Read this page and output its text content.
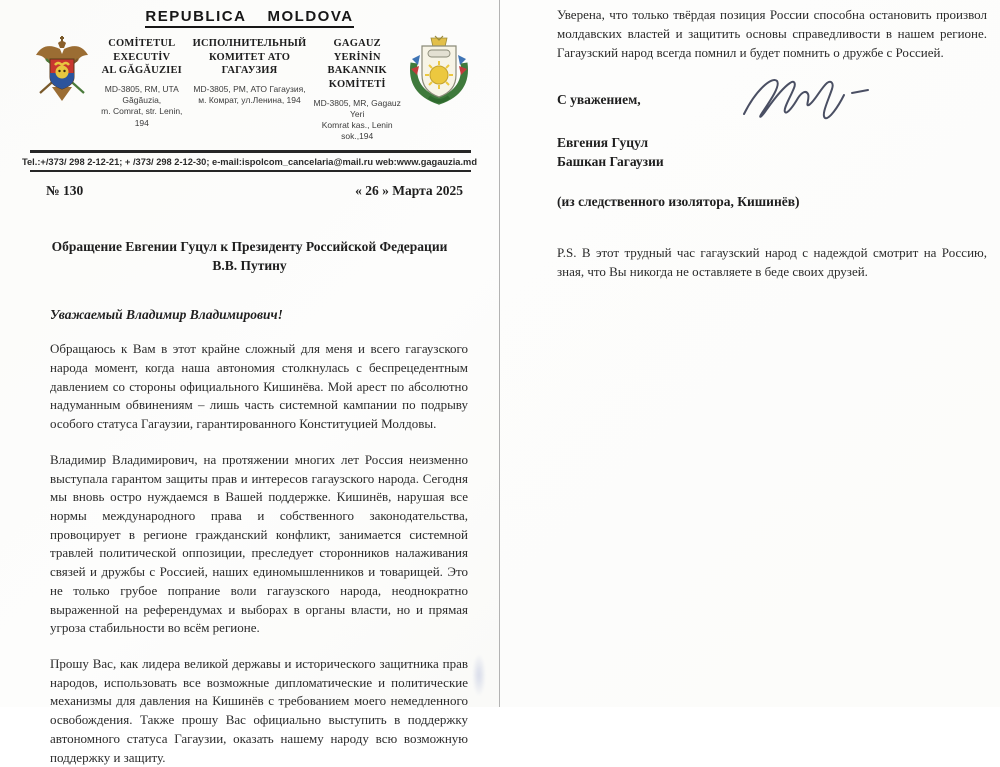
REPUBLICA MOLDOVA
COMİTETUL EXECUTİV
AL GĂGĂUZIEI
MD-3805, RM, UTA Găgăuzia,
m. Comrat, str. Lenin, 194
ИСПОЛНИТЕЛЬНЫЙ
КОМИТЕТ АТО ГАГАУЗИЯ
MD-3805, PM, АТО Гагаузия,
м. Комрат, ул.Ленина, 194
GAGAUZ YERİNİN
BAKANNIK KOMİTETİ
MD-3805, MR, Gagauz Yeri
Komrat kas., Lenin sok.,194
Tel.:+/373/ 298 2-12-21; + /373/ 298 2-12-30; e-mail:ispolcom_cancelaria@mail.ru web:www.gagauzia.md
№ 130	« 26 » Марта 2025
Обращение Евгении Гуцул к Президенту Российской Федерации
В.В. Путину
Уважаемый Владимир Владимирович!

Обращаюсь к Вам в этот крайне сложный для меня и всего гагаузского народа момент, когда наша автономия столкнулась с беспрецедентным давлением со стороны официального Кишинёва. Мой арест по абсолютно надуманным обвинениям – лишь часть системной кампании по подрыву особого статуса Гагаузии, гарантированного Конституцией Молдовы.

Владимир Владимирович, на протяжении многих лет Россия неизменно выступала гарантом защиты прав и интересов гагаузского народа. Сегодня мы вновь остро нуждаемся в Вашей поддержке. Кишинёв, нарушая все нормы международного права и собственного законодательства, провоцирует в регионе гражданский конфликт, занимается системной травлей политической оппозиции, преследует сторонников налаживания связей и дружбы с Россией, наших единомышленников и товарищей. Это не только грубое попрание воли гагаузского народа, неоднократно выраженной на референдумах и выборах в органы власти, но и прямая угроза стабильности во всём регионе.

Прошу Вас, как лидера великой державы и исторического защитника прав народов, использовать все возможные дипломатические и политические механизмы для давления на Кишинёв с требованием моего немедленного освобождения. Также прошу Вас официально выступить в поддержку автономного статуса Гагаузии, оказать нашему народу всю возможную поддержку и защиту.

Уверена, что только твёрдая позиция России способна остановить произвол молдавских властей и защитить основы справедливости в нашем регионе. Гагаузский народ всегда помнил и будет помнить о дружбе с Россией.

С уважением,
Евгения Гуцул
Башкан Гагаузии
(из следственного изолятора, Кишинёв)

P.S. В этот трудный час гагаузский народ с надеждой смотрит на Россию, зная, что Вы никогда не оставляете в беде своих друзей.
